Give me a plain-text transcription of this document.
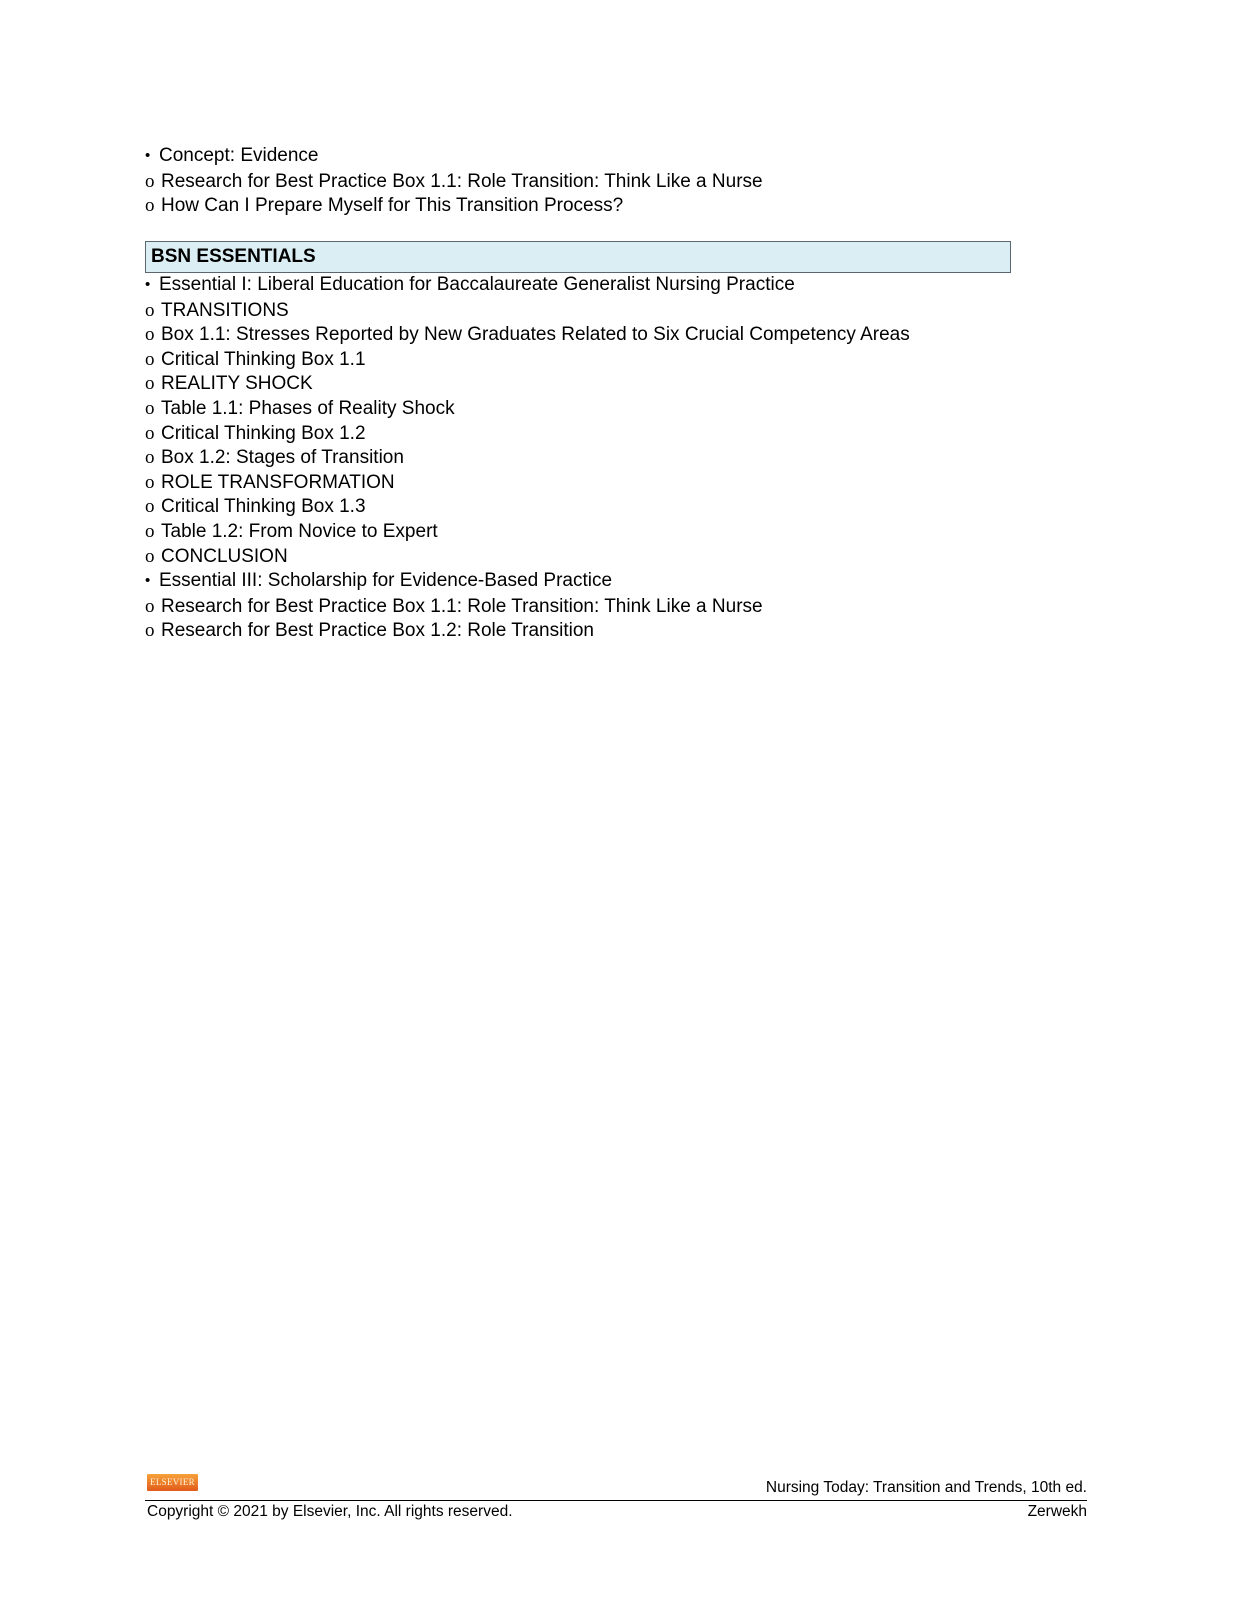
• Concept: Evidence
o Research for Best Practice Box 1.1: Role Transition: Think Like a Nurse
o How Can I Prepare Myself for This Transition Process?
BSN ESSENTIALS
• Essential I: Liberal Education for Baccalaureate Generalist Nursing Practice
o TRANSITIONS
o Box 1.1: Stresses Reported by New Graduates Related to Six Crucial Competency Areas
o Critical Thinking Box 1.1
o REALITY SHOCK
o Table 1.1: Phases of Reality Shock
o Critical Thinking Box 1.2
o Box 1.2: Stages of Transition
o ROLE TRANSFORMATION
o Critical Thinking Box 1.3
o Table 1.2: From Novice to Expert
o CONCLUSION
• Essential III: Scholarship for Evidence-Based Practice
o Research for Best Practice Box 1.1: Role Transition: Think Like a Nurse
o Research for Best Practice Box 1.2: Role Transition
ELSEVIER	Nursing Today: Transition and Trends, 10th ed.
Copyright © 2021 by Elsevier, Inc. All rights reserved.	Zerwekh
